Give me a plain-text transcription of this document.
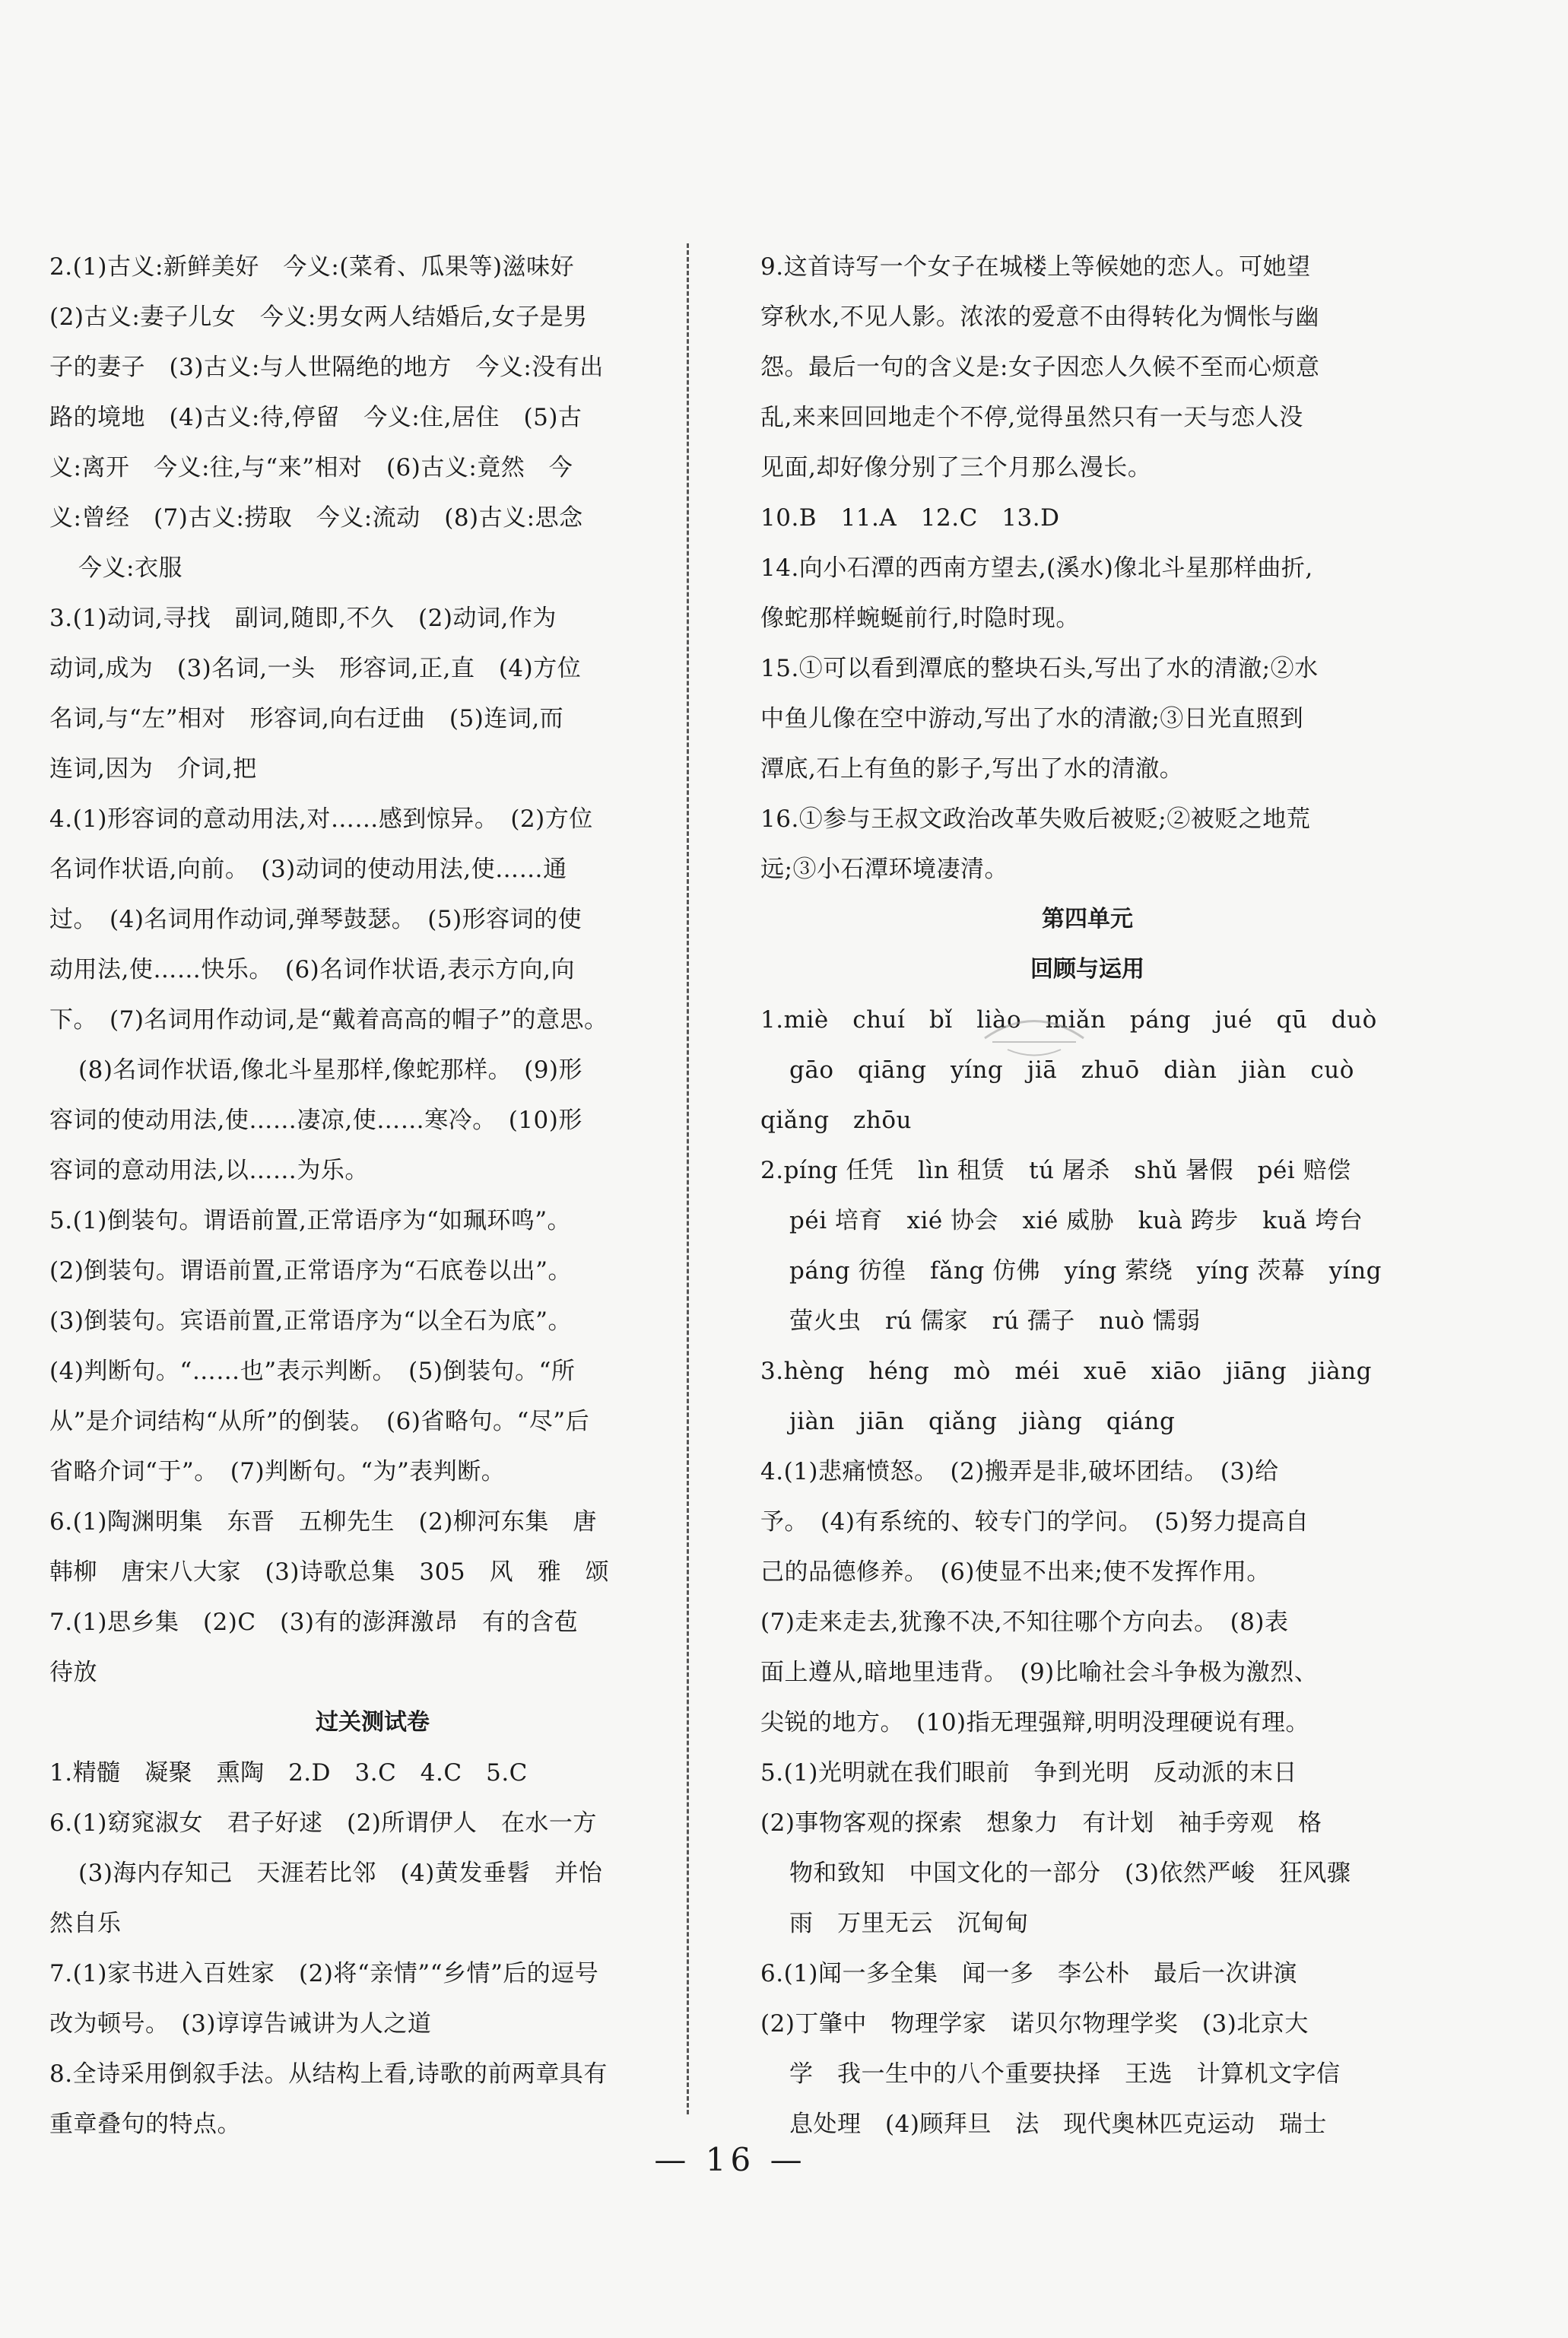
2.(1)古义:新鲜美好　今义:(菜肴、瓜果等)滋味好
(2)古义:妻子儿女　今义:男女两人结婚后,女子是男
子的妻子　(3)古义:与人世隔绝的地方　今义:没有出
路的境地　(4)古义:待,停留　今义:住,居住　(5)古
义:离开　今义:往,与“来”相对　(6)古义:竟然　今
义:曾经　(7)古义:捞取　今义:流动　(8)古义:思念
今义:衣服
3.(1)动词,寻找　副词,随即,不久　(2)动词,作为
动词,成为　(3)名词,一头　形容词,正,直　(4)方位
名词,与“左”相对　形容词,向右迂曲　(5)连词,而
连词,因为　介词,把
4.(1)形容词的意动用法,对……感到惊异。　(2)方位
名词作状语,向前。　(3)动词的使动用法,使……通
过。　(4)名词用作动词,弹琴鼓瑟。　(5)形容词的使
动用法,使……快乐。　(6)名词作状语,表示方向,向
下。　(7)名词用作动词,是“戴着高高的帽子”的意思。
(8)名词作状语,像北斗星那样,像蛇那样。　(9)形
容词的使动用法,使……凄凉,使……寒冷。　(10)形
容词的意动用法,以……为乐。
5.(1)倒装句。谓语前置,正常语序为“如珮环鸣”。
(2)倒装句。谓语前置,正常语序为“石底卷以出”。
(3)倒装句。宾语前置,正常语序为“以全石为底”。
(4)判断句。“……也”表示判断。　(5)倒装句。“所
从”是介词结构“从所”的倒装。　(6)省略句。“尽”后
省略介词“于”。　(7)判断句。“为”表判断。
6.(1)陶渊明集　东晋　五柳先生　(2)柳河东集　唐
韩柳　唐宋八大家　(3)诗歌总集　305　风　雅　颂
7.(1)思乡集　(2)C　(3)有的澎湃激昂　有的含苞
待放
过关测试卷
1.精髓　凝聚　熏陶　2.D　3.C　4.C　5.C
6.(1)窈窕淑女　君子好逑　(2)所谓伊人　在水一方
(3)海内存知己　天涯若比邻　(4)黄发垂髫　并怡
然自乐
7.(1)家书进入百姓家　(2)将“亲情”“乡情”后的逗号
改为顿号。　(3)谆谆告诫讲为人之道
8.全诗采用倒叙手法。从结构上看,诗歌的前两章具有
重章叠句的特点。
9.这首诗写一个女子在城楼上等候她的恋人。可她望
穿秋水,不见人影。浓浓的爱意不由得转化为惆怅与幽
怨。最后一句的含义是:女子因恋人久候不至而心烦意
乱,来来回回地走个不停,觉得虽然只有一天与恋人没
见面,却好像分别了三个月那么漫长。
10.B　11.A　12.C　13.D
14.向小石潭的西南方望去,(溪水)像北斗星那样曲折,
像蛇那样蜿蜒前行,时隐时现。
15.①可以看到潭底的整块石头,写出了水的清澈;②水
中鱼儿像在空中游动,写出了水的清澈;③日光直照到
潭底,石上有鱼的影子,写出了水的清澈。
16.①参与王叔文政治改革失败后被贬;②被贬之地荒
远;③小石潭环境凄清。
第四单元
回顾与运用
1.miè　chuí　bǐ　liào　miǎn　páng　jué　qū　duò
gāo　qiāng　yíng　jiā　zhuō　diàn　jiàn　cuò
qiǎng　zhōu
2.píng 任凭　lìn 租赁　tú 屠杀　shǔ 暑假　péi 赔偿
péi 培育　xié 协会　xié 威胁　kuà 跨步　kuǎ 垮台
páng 彷徨　fǎng 仿佛　yíng 萦绕　yíng 茨幕　yíng
萤火虫　rú 儒家　rú 孺子　nuò 懦弱
3.hèng　héng　mò　méi　xuē　xiāo　jiāng　jiàng
jiàn　jiān　qiǎng　jiàng　qiáng
4.(1)悲痛愤怒。　(2)搬弄是非,破坏团结。　(3)给
予。　(4)有系统的、较专门的学问。　(5)努力提高自
己的品德修养。　(6)使显不出来;使不发挥作用。
(7)走来走去,犹豫不决,不知往哪个方向去。　(8)表
面上遵从,暗地里违背。　(9)比喻社会斗争极为激烈、
尖锐的地方。　(10)指无理强辩,明明没理硬说有理。
5.(1)光明就在我们眼前　争到光明　反动派的末日
(2)事物客观的探索　想象力　有计划　袖手旁观　格
物和致知　中国文化的一部分　(3)依然严峻　狂风骤
雨　万里无云　沉甸甸
6.(1)闻一多全集　闻一多　李公朴　最后一次讲演
(2)丁肇中　物理学家　诺贝尔物理学奖　(3)北京大
学　我一生中的八个重要抉择　王选　计算机文字信
息处理　(4)顾拜旦　法　现代奥林匹克运动　瑞士
— 16 —
